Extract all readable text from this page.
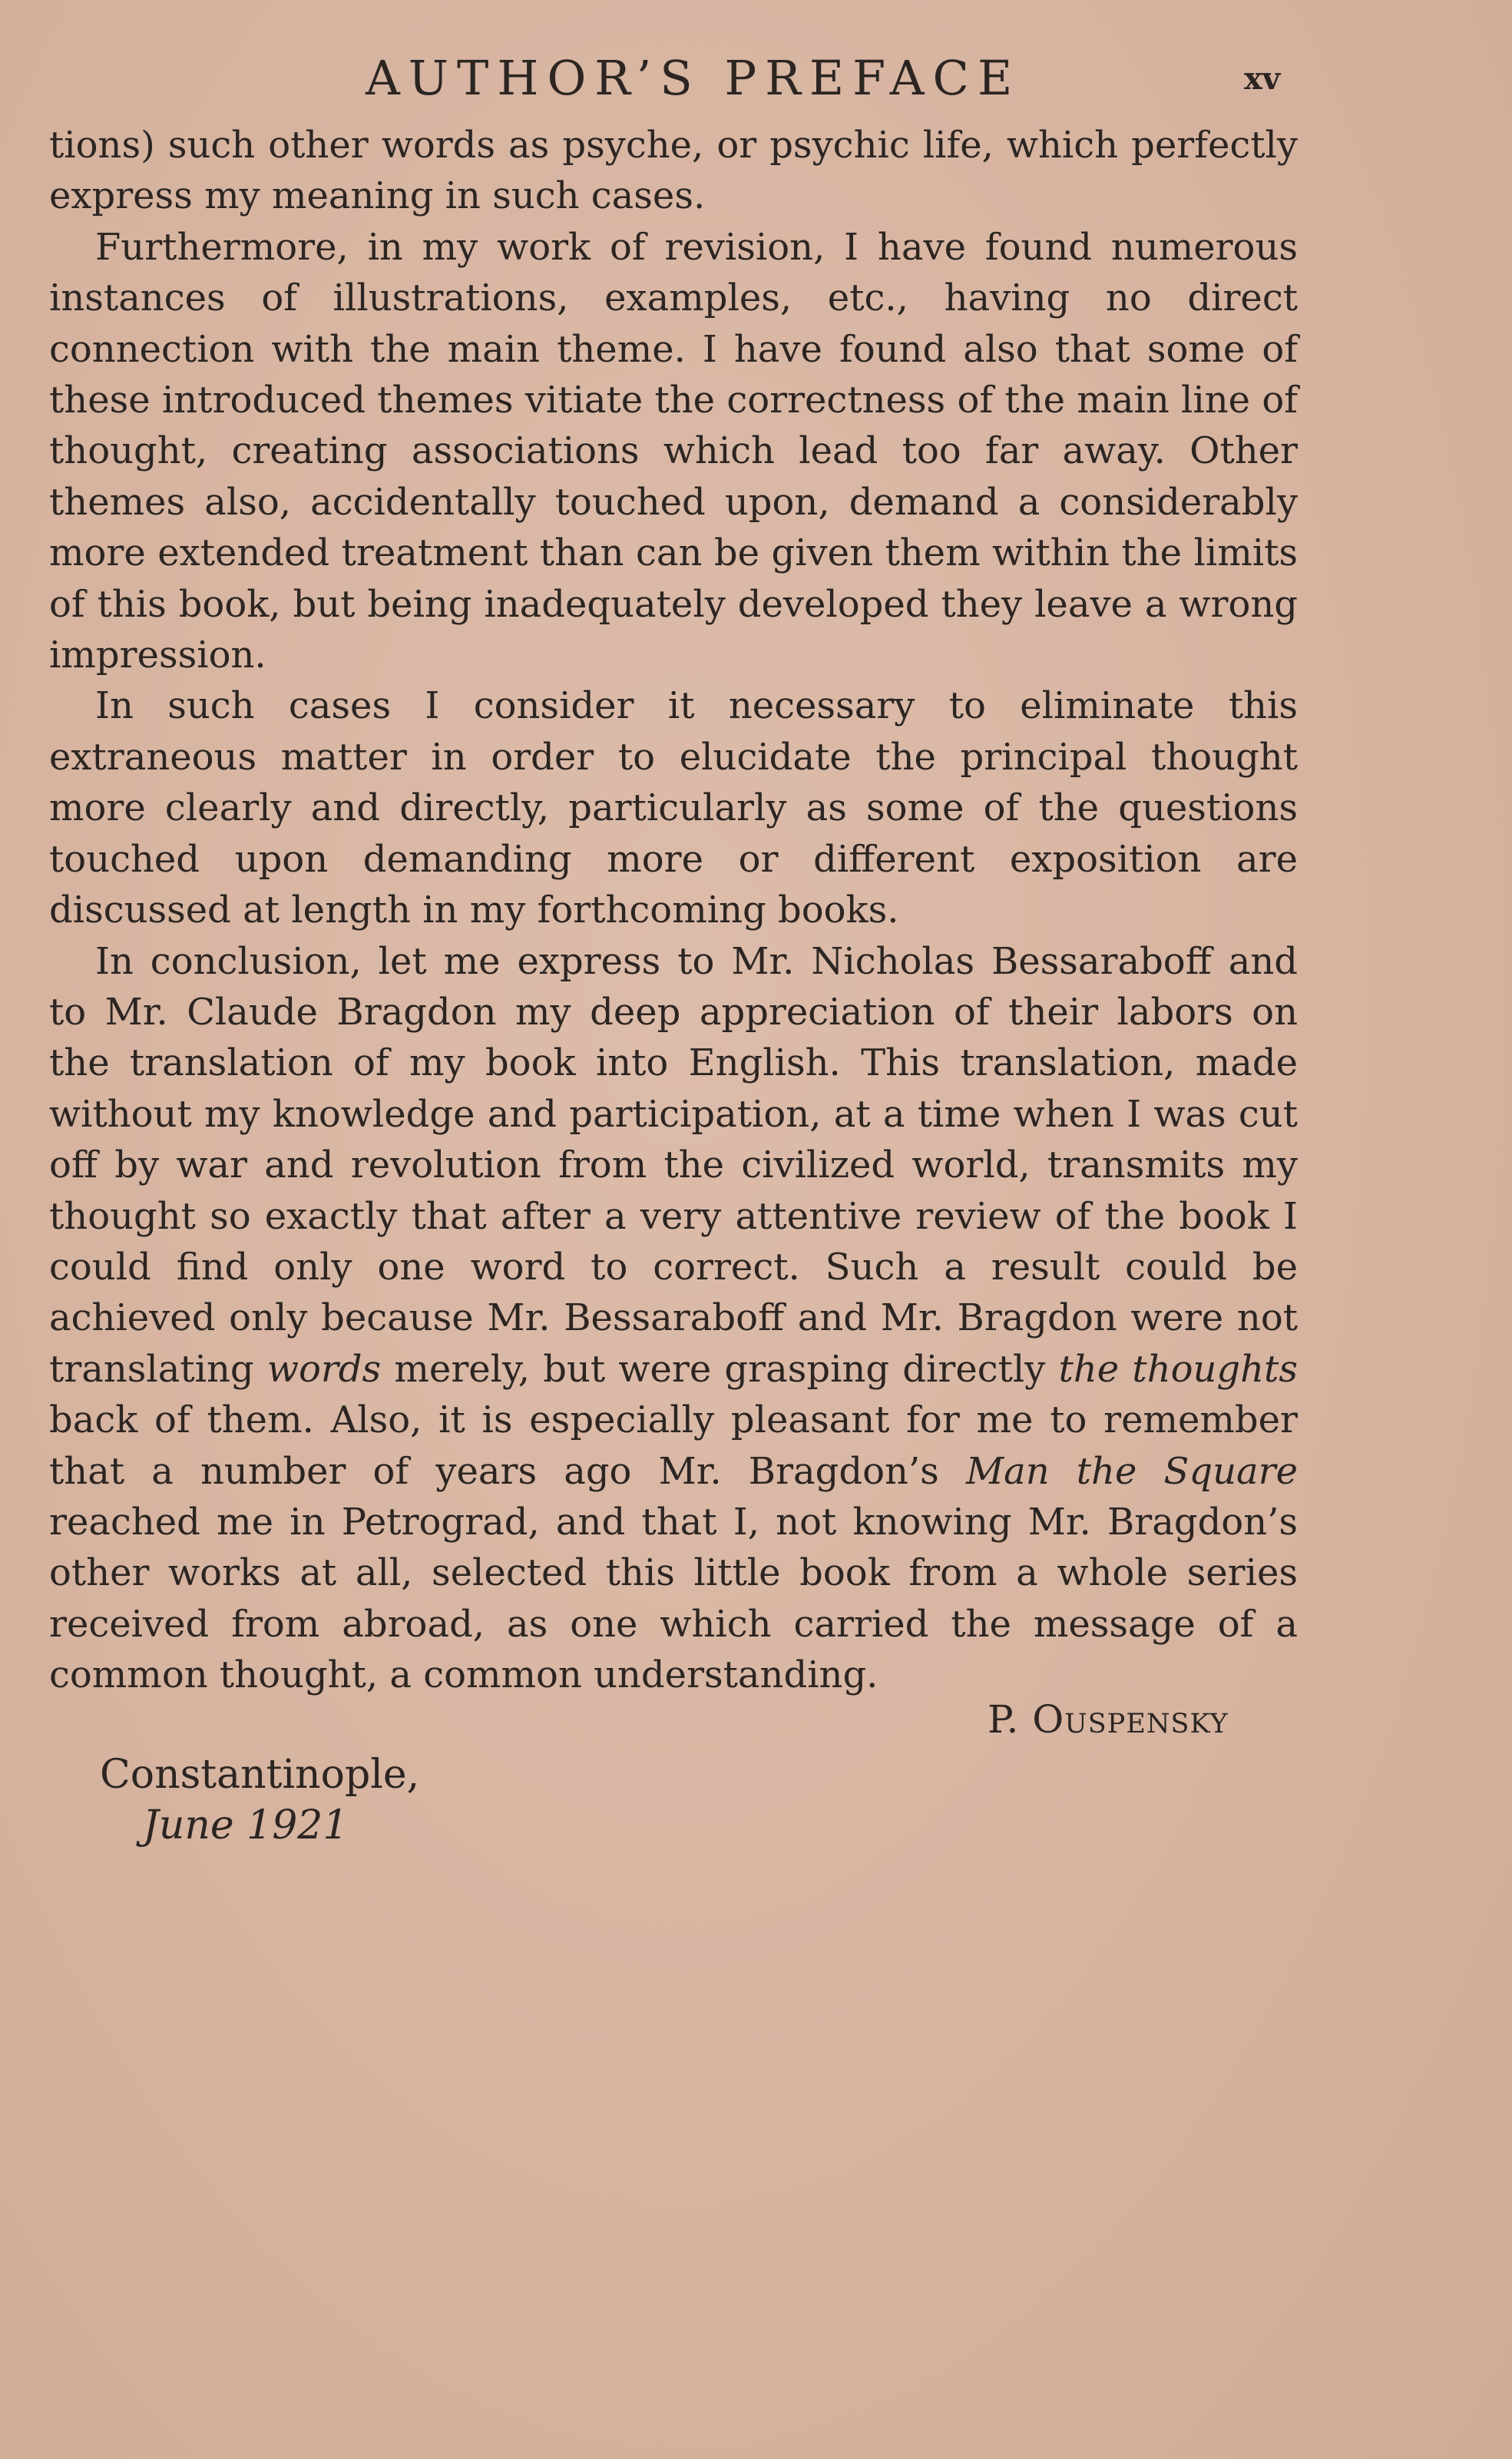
AUTHOR’S PREFACE	xv

tions) such other words as psyche, or psychic life, which perfectly express my meaning in such cases.

Furthermore, in my work of revision, I have found numerous instances of illustrations, examples, etc., having no direct connection with the main theme. I have found also that some of these introduced themes vitiate the correctness of the main line of thought, creating associations which lead too far away. Other themes also, accidentally touched upon, demand a considerably more extended treatment than can be given them within the limits of this book, but being inadequately developed they leave a wrong impression.

In such cases I consider it necessary to eliminate this extraneous matter in order to elucidate the principal thought more clearly and directly, particularly as some of the questions touched upon demanding more or different exposition are discussed at length in my forthcoming books.

In conclusion, let me express to Mr. Nicholas Bessaraboff and to Mr. Claude Bragdon my deep appreciation of their labors on the translation of my book into English. This translation, made without my knowledge and participation, at a time when I was cut off by war and revolution from the civilized world, transmits my thought so exactly that after a very attentive review of the book I could find only one word to correct. Such a result could be achieved only because Mr. Bessaraboff and Mr. Bragdon were not translating words merely, but were grasping directly the thoughts back of them. Also, it is especially pleasant for me to remember that a number of years ago Mr. Bragdon’s Man the Square reached me in Petrograd, and that I, not knowing Mr. Bragdon’s other works at all, selected this little book from a whole series received from abroad, as one which carried the message of a common thought, a common understanding.

P. Ouspensky
Constantinople,
June 1921
